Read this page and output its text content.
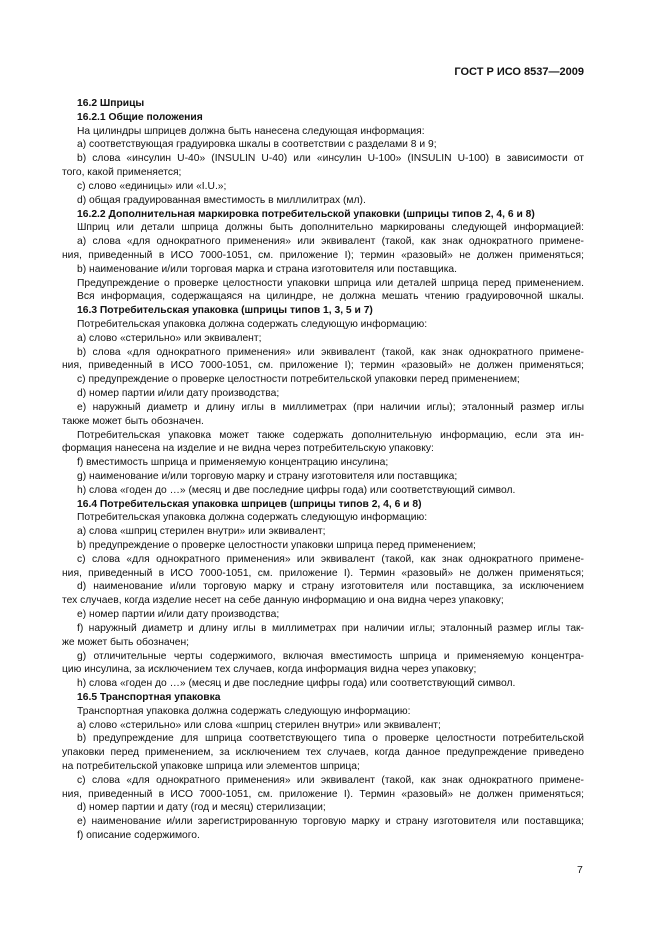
ГОСТ Р ИСО 8537—2009
16.2 Шприцы
16.2.1 Общие положения
На цилиндры шприцев должна быть нанесена следующая информация:
a) соответствующая градуировка шкалы в соответствии с разделами 8 и 9;
b) слова «инсулин U-40» (INSULIN U-40) или «инсулин U-100» (INSULIN U-100) в зависимости от
того, какой применяется;
c) слово «единицы» или «I.U.»;
d) общая градуированная вместимость в миллилитрах (мл).
16.2.2 Дополнительная маркировка потребительской упаковки (шприцы типов 2, 4, 6 и 8)
Шприц или детали шприца должны быть дополнительно маркированы следующей информацией:
a) слова «для однократного применения» или эквивалент (такой, как знак однократного примене-
ния, приведенный в ИСО 7000-1051, см. приложение I); термин «разовый» не должен применяться;
b) наименование и/или торговая марка и страна изготовителя или поставщика.
Предупреждение о проверке целостности упаковки шприца или деталей шприца перед применением.
Вся информация, содержащаяся на цилиндре, не должна мешать чтению градуировочной шкалы.
16.3 Потребительская упаковка (шприцы типов 1, 3, 5 и 7)
Потребительская упаковка должна содержать следующую информацию:
a) слово «стерильно» или эквивалент;
b) слова «для однократного применения» или эквивалент (такой, как знак однократного примене-
ния, приведенный в ИСО 7000-1051, см. приложение I); термин «разовый» не должен применяться;
c) предупреждение о проверке целостности потребительской упаковки перед применением;
d) номер партии и/или дату производства;
e) наружный диаметр и длину иглы в миллиметрах (при наличии иглы); эталонный размер иглы
также может быть обозначен.
Потребительская упаковка может также содержать дополнительную информацию, если эта ин-
формация нанесена на изделие и не видна через потребительскую упаковку:
f) вместимость шприца и применяемую концентрацию инсулина;
g) наименование и/или торговую марку и страну изготовителя или поставщика;
h) слова «годен до …» (месяц и две последние цифры года) или соответствующий символ.
16.4 Потребительская упаковка шприцев (шприцы типов 2, 4, 6 и 8)
Потребительская упаковка должна содержать следующую информацию:
a) слова «шприц стерилен внутри» или эквивалент;
b) предупреждение о проверке целостности упаковки шприца перед применением;
c) слова «для однократного применения» или эквивалент (такой, как знак однократного примене-
ния, приведенный в ИСО 7000-1051, см. приложение I). Термин «разовый» не должен применяться;
d) наименование и/или торговую марку и страну изготовителя или поставщика, за исключением
тех случаев, когда изделие несет на себе данную информацию и она видна через упаковку;
e) номер партии и/или дату производства;
f) наружный диаметр и длину иглы в миллиметрах при наличии иглы; эталонный размер иглы так-
же может быть обозначен;
g) отличительные черты содержимого, включая вместимость шприца и применяемую концентра-
цию инсулина, за исключением тех случаев, когда информация видна через упаковку;
h) слова «годен до …» (месяц и две последние цифры года) или соответствующий символ.
16.5 Транспортная упаковка
Транспортная упаковка должна содержать следующую информацию:
a) слово «стерильно» или слова «шприц стерилен внутри» или эквивалент;
b) предупреждение для шприца соответствующего типа о проверке целостности потребительской
упаковки перед применением, за исключением тех случаев, когда данное предупреждение приведено
на потребительской упаковке шприца или элементов шприца;
c) слова «для однократного применения» или эквивалент (такой, как знак однократного примене-
ния, приведенный в ИСО 7000-1051, см. приложение I). Термин «разовый» не должен применяться;
d) номер партии и дату (год и месяц) стерилизации;
e) наименование и/или зарегистрированную торговую марку и страну изготовителя или поставщика;
f) описание содержимого.
7
